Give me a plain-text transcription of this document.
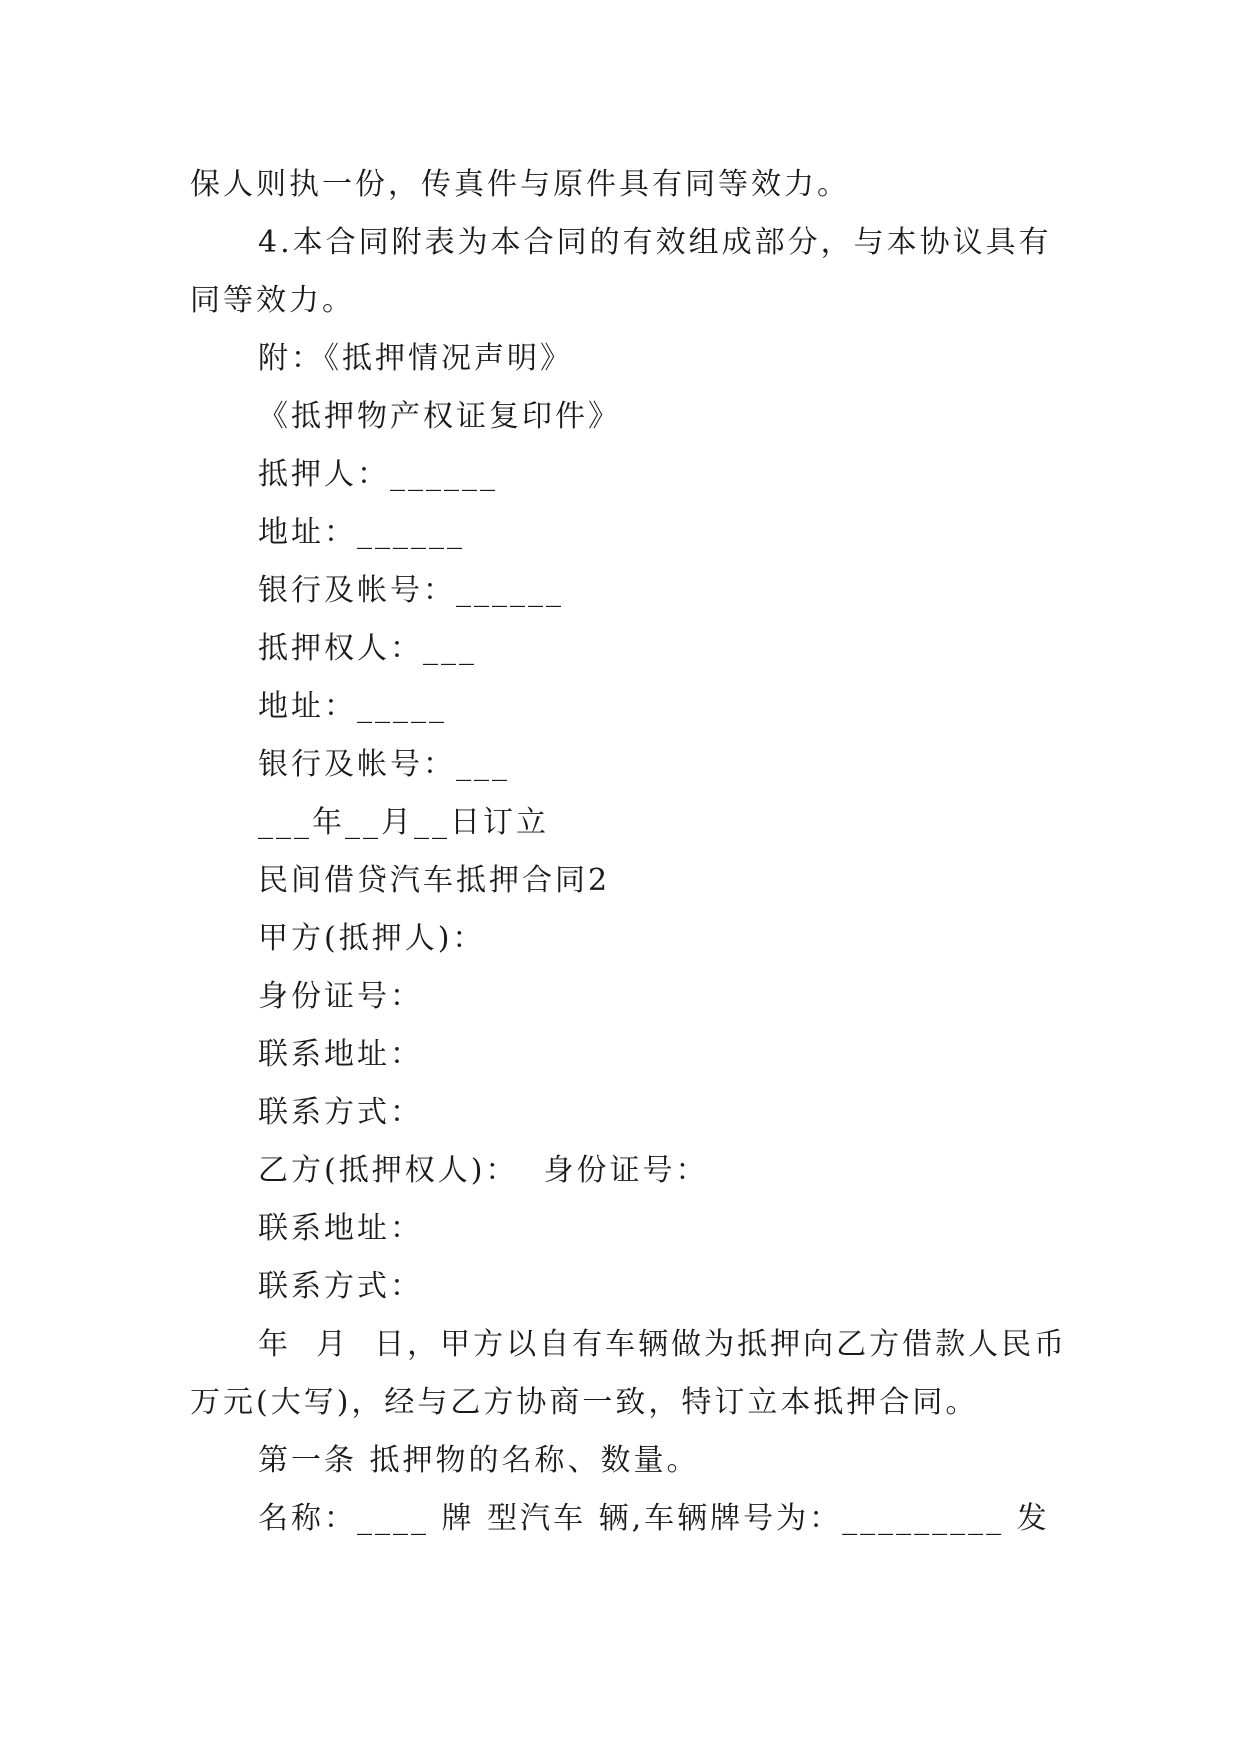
保人则执一份，传真件与原件具有同等效力。
4.本合同附表为本合同的有效组成部分，与本协议具有
同等效力。
附：《抵押情况声明》
《抵押物产权证复印件》
抵押人：______
地址：______
银行及帐号：______
抵押权人：___
地址：_____
银行及帐号：___
___年__月__日订立
民间借贷汽车抵押合同2
甲方(抵押人)：
身份证号：
联系地址：
联系方式：
乙方(抵押权人)：  身份证号：
联系地址：
联系方式：
年  月  日，甲方以自有车辆做为抵押向乙方借款人民币
万元(大写)，经与乙方协商一致，特订立本抵押合同。
第一条 抵押物的名称、数量。
名称：____ 牌 型汽车 辆,车辆牌号为：_________ 发
